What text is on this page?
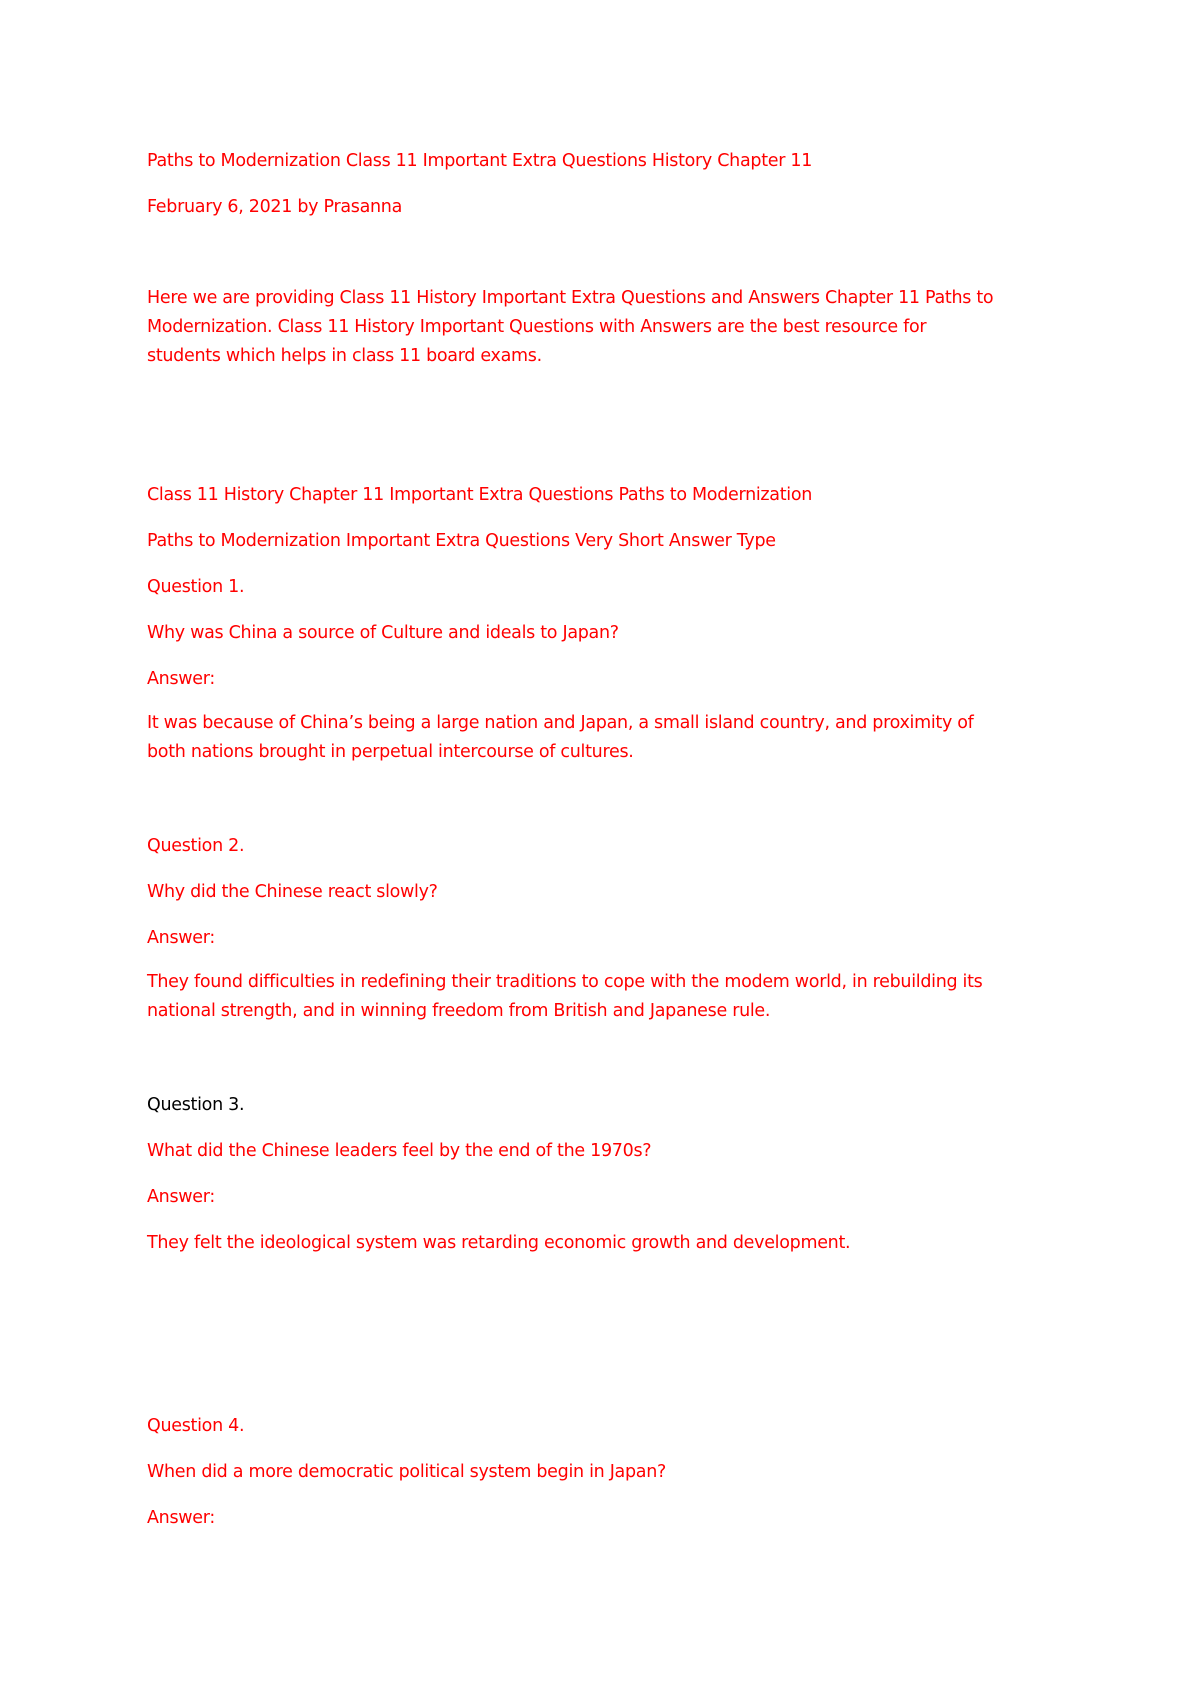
Paths to Modernization Class 11 Important Extra Questions History Chapter 11

February 6, 2021 by Prasanna

Here we are providing Class 11 History Important Extra Questions and Answers Chapter 11 Paths to
Modernization. Class 11 History Important Questions with Answers are the best resource for
students which helps in class 11 board exams.

Class 11 History Chapter 11 Important Extra Questions Paths to Modernization

Paths to Modernization Important Extra Questions Very Short Answer Type

Question 1.

Why was China a source of Culture and ideals to Japan?

Answer:

It was because of China’s being a large nation and Japan, a small island country, and proximity of
both nations brought in perpetual intercourse of cultures.

Question 2.

Why did the Chinese react slowly?

Answer:

They found difficulties in redefining their traditions to cope with the modem world, in rebuilding its
national strength, and in winning freedom from British and Japanese rule.

Question 3.

What did the Chinese leaders feel by the end of the 1970s?

Answer:

They felt the ideological system was retarding economic growth and development.

Question 4.

When did a more democratic political system begin in Japan?

Answer:
